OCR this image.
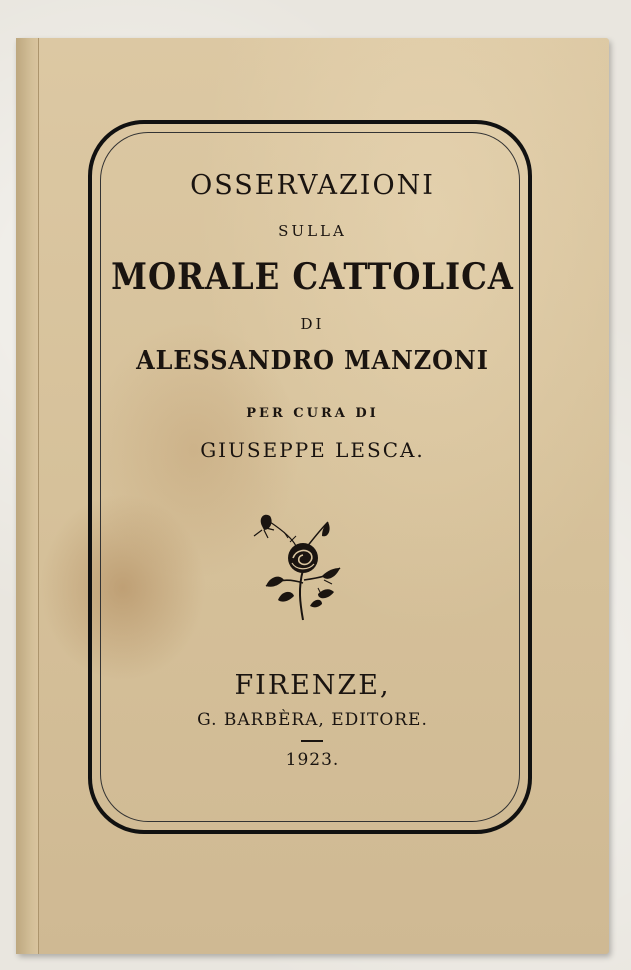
OSSERVAZIONI
SULLA
MORALE CATTOLICA
DI
ALESSANDRO MANZONI
PER CURA DI
GIUSEPPE LESCA.
FIRENZE,
G. BARBÈRA, EDITORE.
1923.
